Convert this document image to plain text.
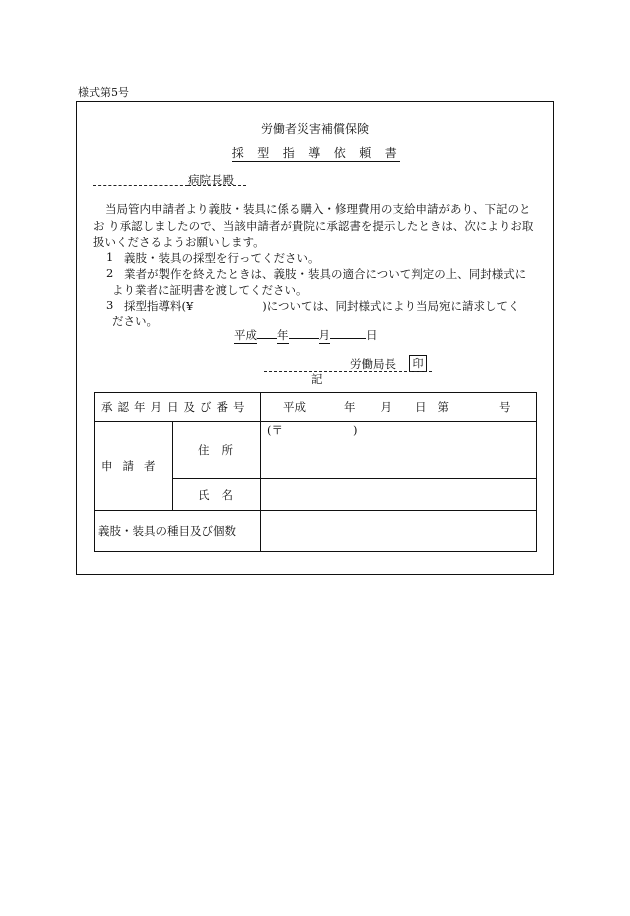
様式第5号
労働者災害補償保険
採型指導依頼書
病院長殿
当局管内申請者より義肢・装具に係る購入・修理費用の支給申請があり、下記のと
お り承認しましたので、当該申請者が貴院に承認書を提示したときは、次によりお取
扱いくださるようお願いします。
1 義肢・装具の採型を行ってください。
2 業者が製作を終えたときは、義肢・装具の適合について判定の上、同封様式に
より業者に証明書を渡してください。
3 採型指導料(¥　　　　　　)については、同封様式により当局宛に請求してく
ださい。
平成 年	月	日
労働局長	印
記
承認年月日及び番号		平成 年 月 日 第 号
申請者	住所	(〒 )
	氏名	
義肢・装具の種目及び個数		
